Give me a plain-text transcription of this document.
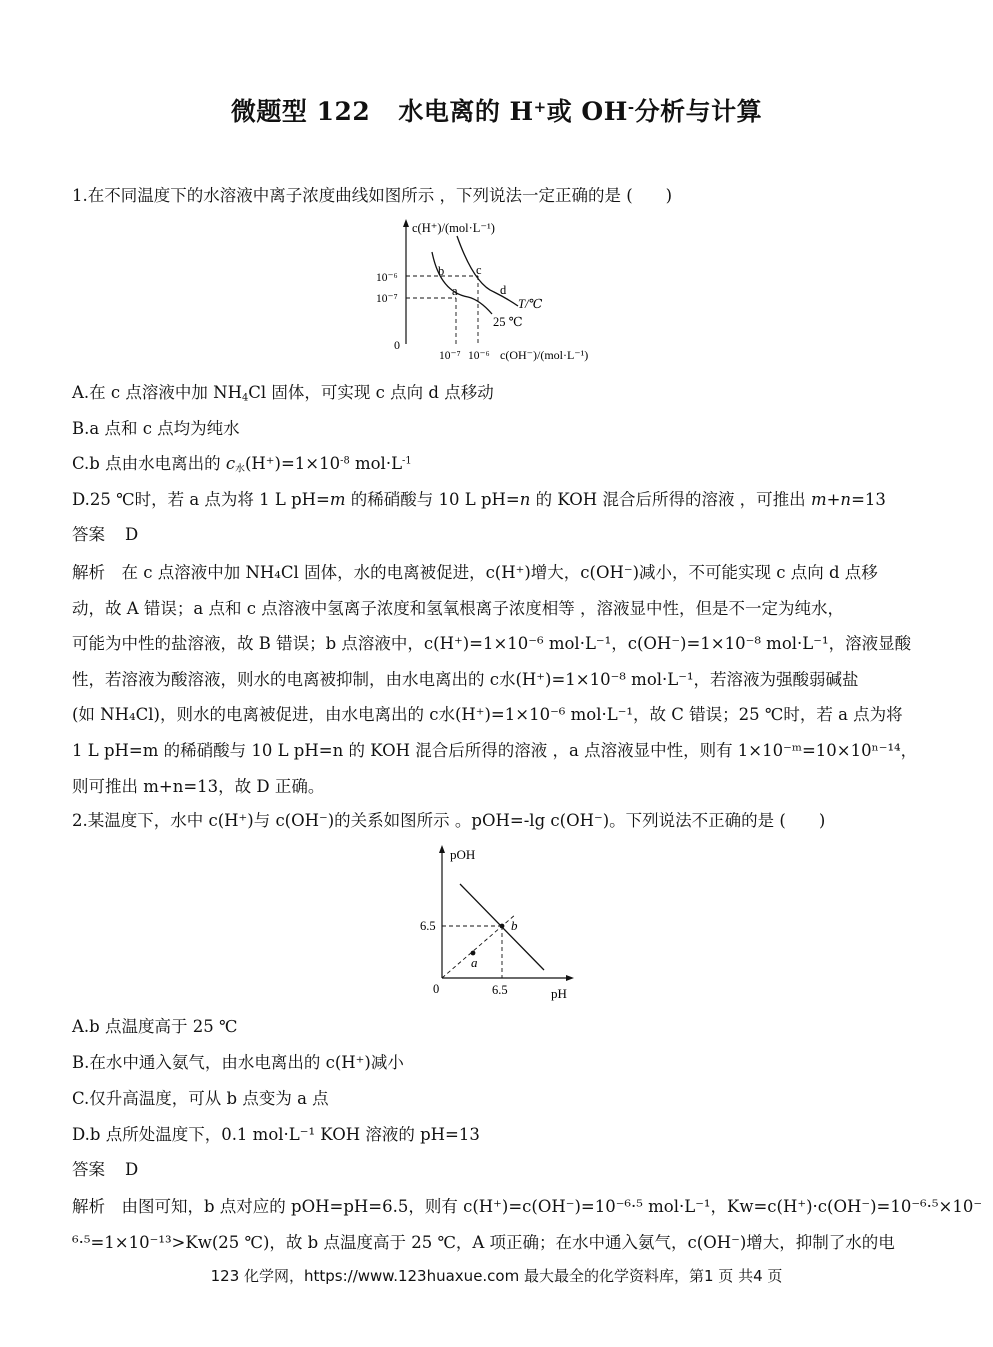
微题型 122 水电离的 H+或 OH-分析与计算
1.在不同温度下的水溶液中离子浓度曲线如图所示 ，下列说法一定正确的是 (　　)
c(H⁺)/(mol·L⁻¹)
10⁻⁶
10⁻⁷
0
10⁻⁷ 10⁻⁶ c(OH⁻)/(mol·L⁻¹)
a
b	c
d
T/℃
25 ℃
A.在 c 点溶液中加 $NH_4Cl$ 固体，可实现 c 点向 d 点移动
B.a 点和 c 点均为纯水
C.b 点由水电离出的 $c_水(H^+)=1\times 10^{-8}$ $mol\cdot L^{-1}$
D.25 ℃时，若 a 点为将 1 L pH=m 的稀硝酸与 10 L pH=n 的 KOH 混合后所得的溶液 ，可推出 m+n=13
答案 D
解析　在 c 点溶液中加 NH₄Cl 固体，水的电离被促进，c(H⁺)增大，c(OH⁻)减小，不可能实现 c 点向 d 点移
动，故 A 错误；a 点和 c 点溶液中氢离子浓度和氢氧根离子浓度相等 ，溶液显中性，但是不一定为纯水，
可能为中性的盐溶液，故 B 错误；b 点溶液中，c(H⁺)=1×10⁻⁶ mol·L⁻¹，c(OH⁻)=1×10⁻⁸ mol·L⁻¹，溶液显酸
性，若溶液为酸溶液，则水的电离被抑制，由水电离出的 c水(H⁺)=1×10⁻⁸ mol·L⁻¹，若溶液为强酸弱碱盐
(如 NH₄Cl)，则水的电离被促进，由水电离出的 c水(H⁺)=1×10⁻⁶ mol·L⁻¹，故 C 错误；25 ℃时，若 a 点为将
1 L pH=m 的稀硝酸与 10 L pH=n 的 KOH 混合后所得的溶液 ，a 点溶液显中性，则有 1×10⁻ᵐ=10×10ⁿ⁻¹⁴，
则可推出 m+n=13，故 D 正确。
2.某温度下，水中 c(H⁺)与 c(OH⁻)的关系如图所示 。pOH=-lg c(OH⁻)。下列说法不正确的是 (　　)
pOH
6.5
6.5
0	pH
b
a
A.b 点温度高于 25 ℃
B.在水中通入氨气，由水电离出的 c(H⁺)减小
C.仅升高温度，可从 b 点变为 a 点
D.b 点所处温度下，0.1 mol·L⁻¹ KOH 溶液的 pH=13
答案 D
解析　由图可知，b 点对应的 pOH=pH=6.5，则有 c(H⁺)=c(OH⁻)=10⁻⁶·⁵ mol·L⁻¹，Kw=c(H⁺)·c(OH⁻)=10⁻⁶·⁵×10⁻
⁶·⁵=1×10⁻¹³>Kw(25 ℃)，故 b 点温度高于 25 ℃，A 项正确；在水中通入氨气，c(OH⁻)增大，抑制了水的电
123 化学网，https://www.123huaxue.com 最大最全的化学资料库，第1 页 共4 页
